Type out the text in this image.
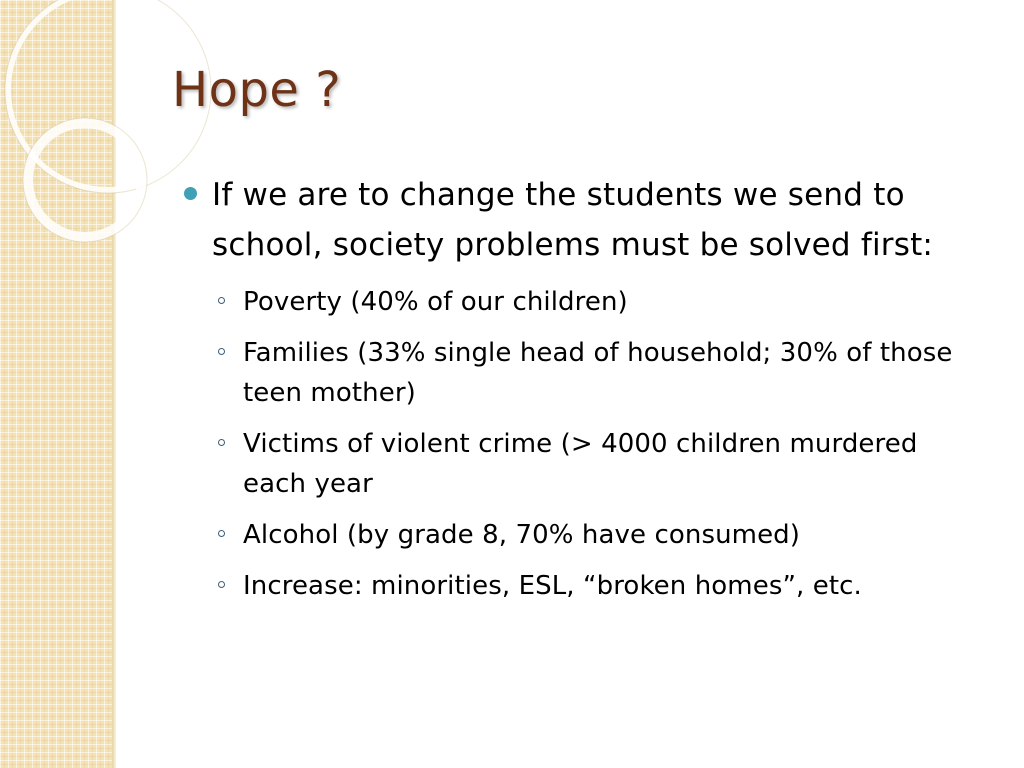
Hope ?
If we are to change the students we send to school, society problems must be solved first:
Poverty (40% of our children)
Families (33% single head of household; 30% of those teen mother)
Victims of violent crime (> 4000 children murdered each year
Alcohol (by grade 8, 70% have consumed)
Increase: minorities, ESL, “broken homes”, etc.
